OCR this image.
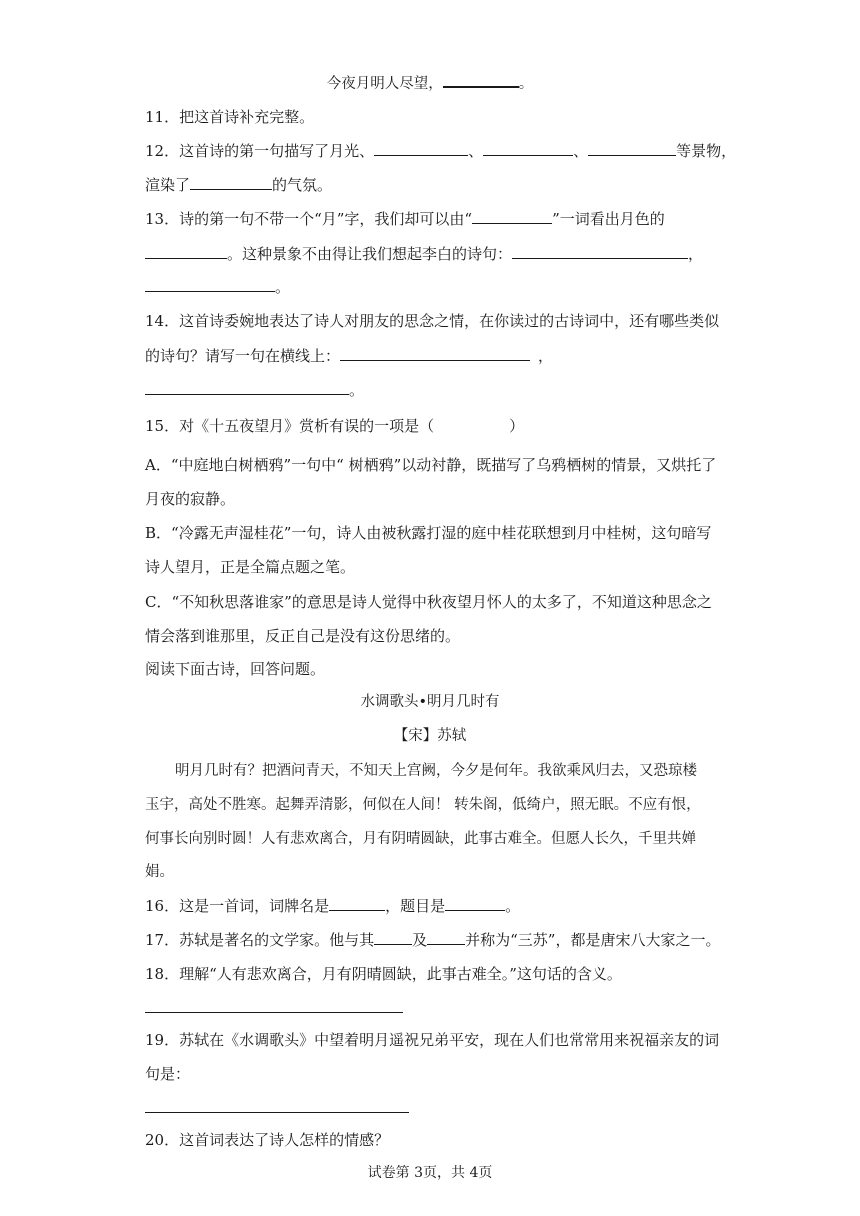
今夜月明人尽望，	。
11．把这首诗补充完整。
12．这首诗的第一句描写了月光、	、	、	等景物，
渲染了	的气氛。
13．诗的第一句不带一个“月”字，我们却可以由“	”一词看出月色的
。这种景象不由得让我们想起李白的诗句：	，
。
14．这首诗委婉地表达了诗人对朋友的思念之情，在你读过的古诗词中，还有哪些类似
的诗句？请写一句在横线上：	，
。
15．对《十五夜望月》赏析有误的一项是（　　　　　）
A．“中庭地白树栖鸦”一句中“ 树栖鸦”以动衬静，既描写了乌鸦栖树的情景，又烘托了
月夜的寂静。
B．“冷露无声湿桂花”一句，诗人由被秋露打湿的庭中桂花联想到月中桂树，这句暗写
诗人望月，正是全篇点题之笔。
C．“不知秋思落谁家”的意思是诗人觉得中秋夜望月怀人的太多了，不知道这种思念之
情会落到谁那里，反正自己是没有这份思绪的。
阅读下面古诗，回答问题。
水调歌头•明月几时有
【宋】苏轼
明月几时有？把酒问青天，不知天上宫阙，今夕是何年。我欲乘风归去，又恐琼楼
玉宇，高处不胜寒。起舞弄清影，何似在人间！ 转朱阁，低绮户，照无眠。不应有恨，
何事长向别时圆！人有悲欢离合，月有阴晴圆缺，此事古难全。但愿人长久，千里共婵
娟。
16．这是一首词，词牌名是	，题目是	。
17．苏轼是著名的文学家。他与其	及	并称为“三苏”，都是唐宋八大家之一。
18．理解“人有悲欢离合，月有阴晴圆缺，此事古难全。”这句话的含义。
19．苏轼在《水调歌头》中望着明月遥祝兄弟平安，现在人们也常常用来祝福亲友的词
句是：
20．这首词表达了诗人怎样的情感？
试卷第 3页，共 4页
